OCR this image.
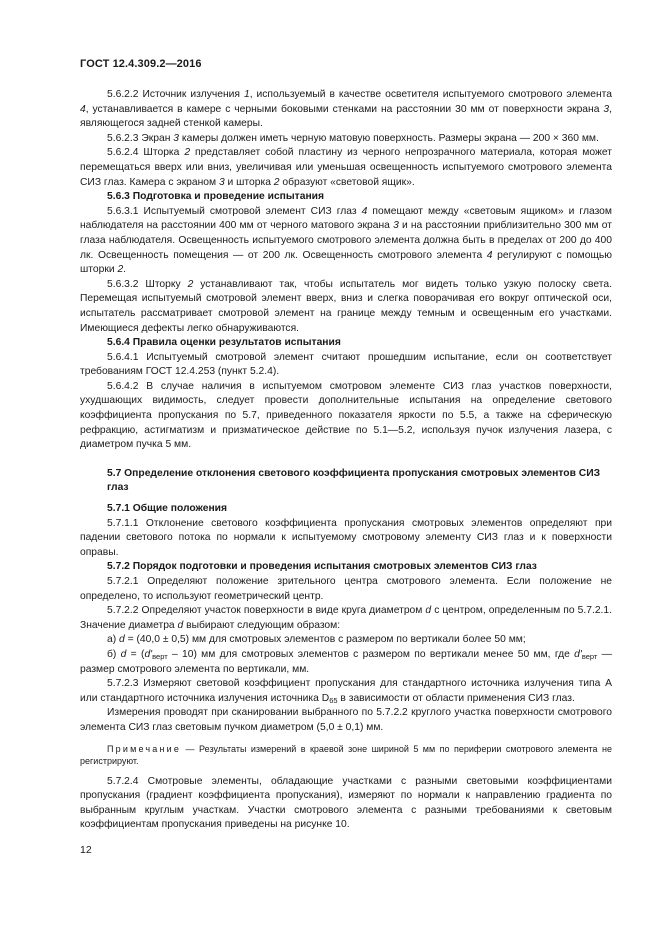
ГОСТ 12.4.309.2—2016

5.6.2.2 Источник излучения 1, используемый в качестве осветителя испытуемого смотрового элемента 4, устанавливается в камере с черными боковыми стенками на расстоянии 30 мм от поверхности экрана 3, являющегося задней стенкой камеры.

5.6.2.3 Экран 3 камеры должен иметь черную матовую поверхность. Размеры экрана — 200 × 360 мм.

5.6.2.4 Шторка 2 представляет собой пластину из черного непрозрачного материала, которая может перемещаться вверх или вниз, увеличивая или уменьшая освещенность испытуемого смотрового элемента СИЗ глаз. Камера с экраном 3 и шторка 2 образуют «световой ящик».

5.6.3 Подготовка и проведение испытания

5.6.3.1 Испытуемый смотровой элемент СИЗ глаз 4 помещают между «световым ящиком» и глазом наблюдателя на расстоянии 400 мм от черного матового экрана 3 и на расстоянии приблизительно 300 мм от глаза наблюдателя. Освещенность испытуемого смотрового элемента должна быть в пределах от 200 до 400 лк. Освещенность помещения — от 200 лк. Освещенность смотрового элемента 4 регулируют с помощью шторки 2.

5.6.3.2 Шторку 2 устанавливают так, чтобы испытатель мог видеть только узкую полоску света. Перемещая испытуемый смотровой элемент вверх, вниз и слегка поворачивая его вокруг оптической оси, испытатель рассматривает смотровой элемент на границе между темным и освещенным его участками. Имеющиеся дефекты легко обнаруживаются.

5.6.4 Правила оценки результатов испытания

5.6.4.1 Испытуемый смотровой элемент считают прошедшим испытание, если он соответствует требованиям ГОСТ 12.4.253 (пункт 5.2.4).

5.6.4.2 В случае наличия в испытуемом смотровом элементе СИЗ глаз участков поверхности, ухудшающих видимость, следует провести дополнительные испытания на определение светового коэффициента пропускания по 5.7, приведенного показателя яркости по 5.5, а также на сферическую рефракцию, астигматизм и призматическое действие по 5.1—5.2, используя пучок излучения лазера, с диаметром пучка 5 мм.

5.7 Определение отклонения светового коэффициента пропускания смотровых элементов СИЗ глаз

5.7.1 Общие положения

5.7.1.1 Отклонение светового коэффициента пропускания смотровых элементов определяют при падении светового потока по нормали к испытуемому смотровому элементу СИЗ глаз и к поверхности оправы.

5.7.2 Порядок подготовки и проведения испытания смотровых элементов СИЗ глаз

5.7.2.1 Определяют положение зрительного центра смотрового элемента. Если положение не определено, то используют геометрический центр.

5.7.2.2 Определяют участок поверхности в виде круга диаметром d с центром, определенным по 5.7.2.1. Значение диаметра d выбирают следующим образом:

а) d = (40,0 ± 0,5) мм для смотровых элементов с размером по вертикали более 50 мм;

б) $d = (d'_{верт} - 10)$ мм для смотровых элементов с размером по вертикали менее 50 мм, где $d'_{верт}$ — размер смотрового элемента по вертикали, мм.

5.7.2.3 Измеряют световой коэффициент пропускания для стандартного источника излучения типа А или стандартного источника излучения источника $D_{65}$ в зависимости от области применения СИЗ глаз.

Измерения проводят при сканировании выбранного по 5.7.2.2 круглого участка поверхности смотрового элемента СИЗ глаз световым пучком диаметром (5,0 ± 0,1) мм.

Примечание — Результаты измерений в краевой зоне шириной 5 мм по периферии смотрового элемента не регистрируют.

5.7.2.4 Смотровые элементы, обладающие участками с разными световыми коэффициентами пропускания (градиент коэффициента пропускания), измеряют по нормали к направлению градиента по выбранным круглым участкам. Участки смотрового элемента с разными требованиями к световым коэффициентам пропускания приведены на рисунке 10.

12
